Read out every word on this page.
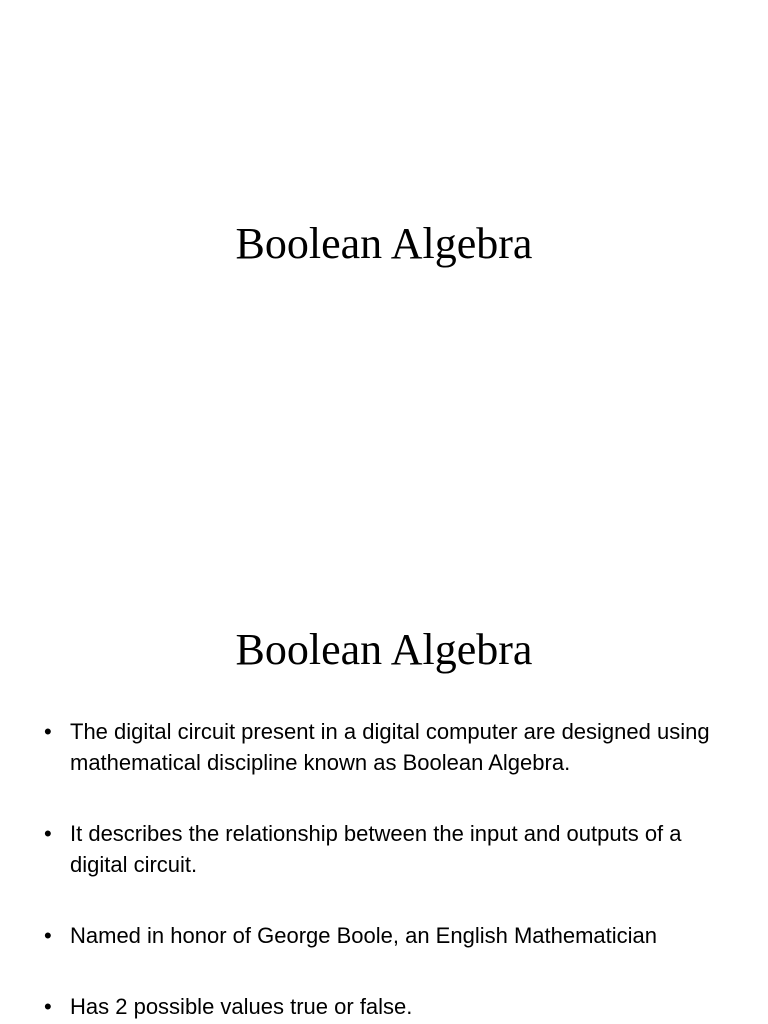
Boolean Algebra
Boolean Algebra
• The digital circuit present in a digital computer are designed using mathematical discipline known as Boolean Algebra.
• It describes the relationship between the input and outputs of a digital circuit.
• Named in honor of George Boole, an English Mathematician
• Has 2 possible values true or false.
